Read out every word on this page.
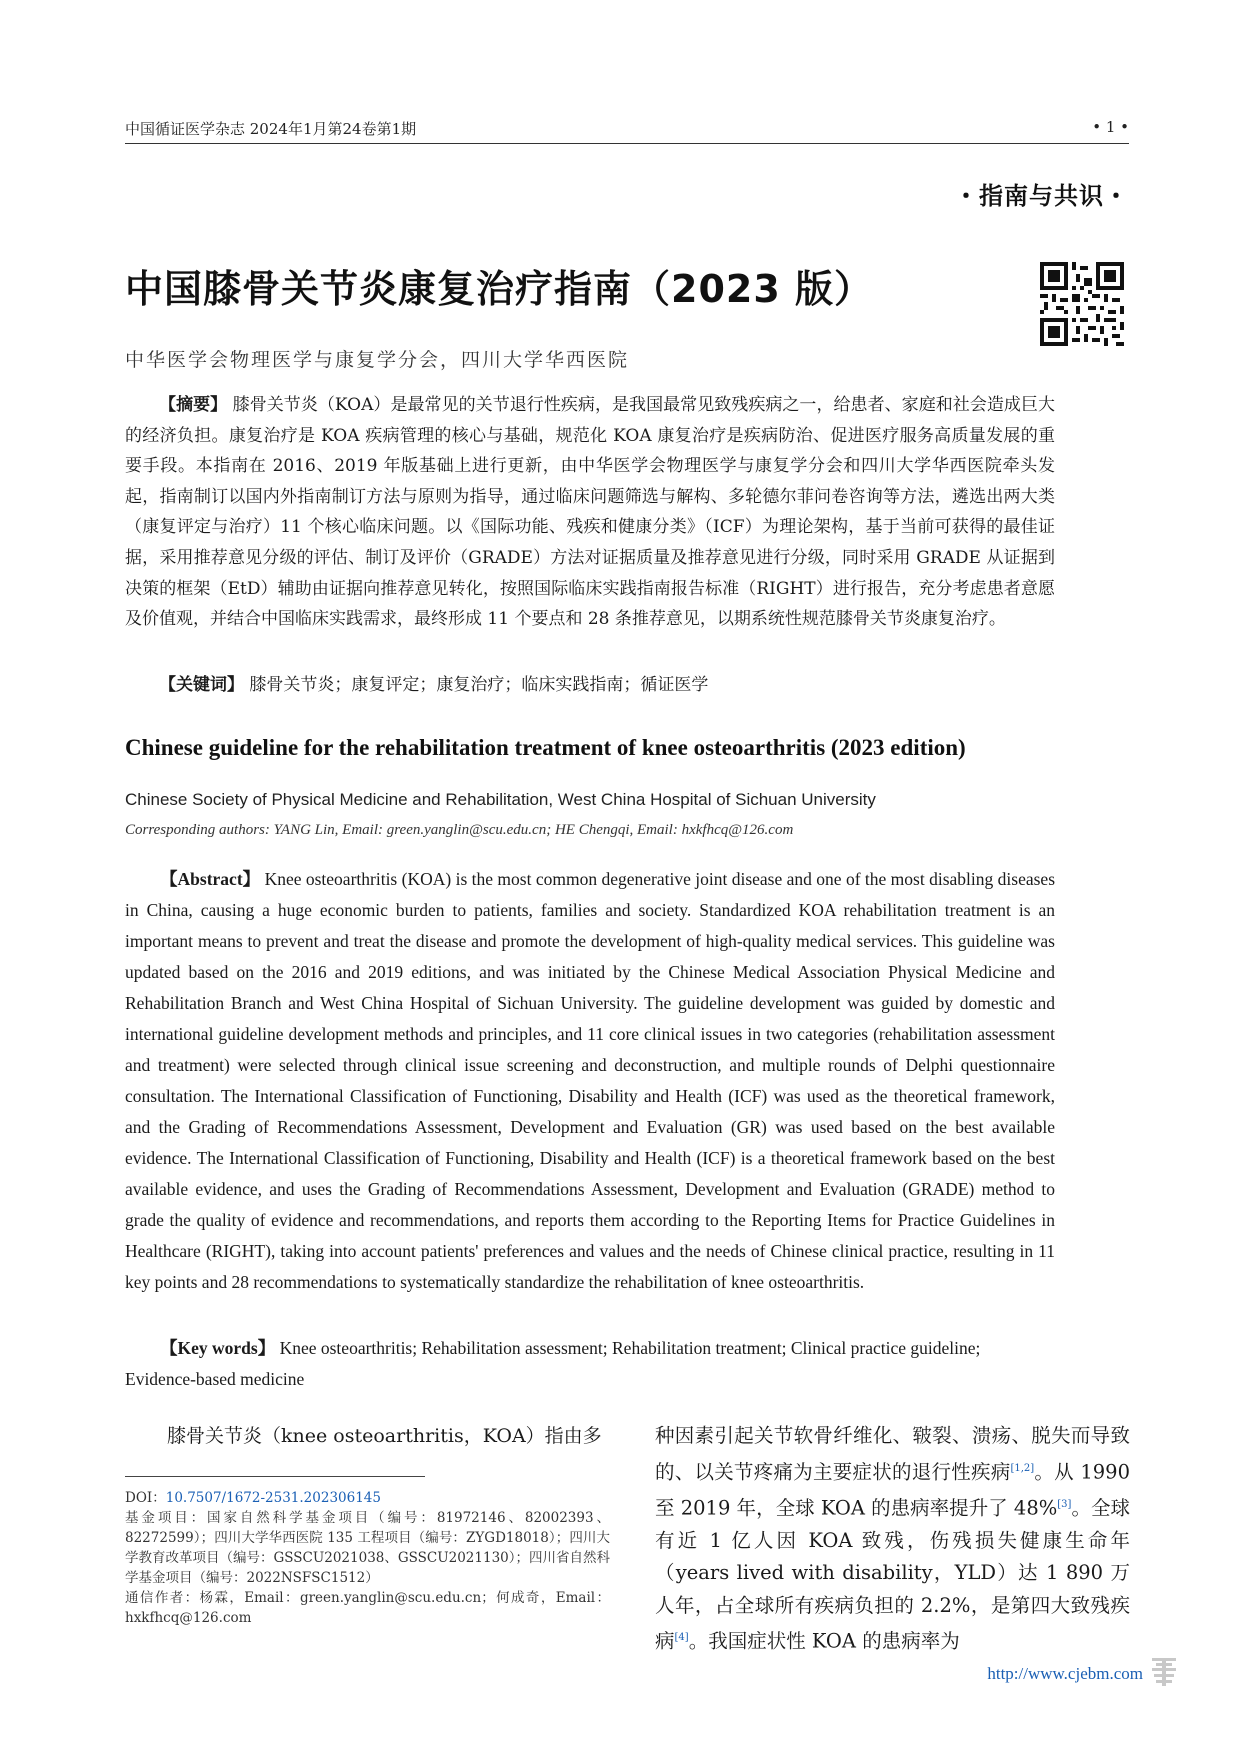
中国循证医学杂志 2024年1月第24卷第1期	• 1 •
・指南与共识・
中国膝骨关节炎康复治疗指南（2023 版）
中华医学会物理医学与康复学分会，四川大学华西医院
【摘要】 膝骨关节炎（KOA）是最常见的关节退行性疾病，是我国最常见致残疾病之一，给患者、家庭和社会造成巨大的经济负担。康复治疗是 KOA 疾病管理的核心与基础，规范化 KOA 康复治疗是疾病防治、促进医疗服务高质量发展的重要手段。本指南在 2016、2019 年版基础上进行更新，由中华医学会物理医学与康复学分会和四川大学华西医院牵头发起，指南制订以国内外指南制订方法与原则为指导，通过临床问题筛选与解构、多轮德尔菲问卷咨询等方法，遴选出两大类（康复评定与治疗）11 个核心临床问题。以《国际功能、残疾和健康分类》（ICF）为理论架构，基于当前可获得的最佳证据，采用推荐意见分级的评估、制订及评价（GRADE）方法对证据质量及推荐意见进行分级，同时采用 GRADE 从证据到决策的框架（EtD）辅助由证据向推荐意见转化，按照国际临床实践指南报告标准（RIGHT）进行报告，充分考虑患者意愿及价值观，并结合中国临床实践需求，最终形成 11 个要点和 28 条推荐意见，以期系统性规范膝骨关节炎康复治疗。
【关键词】 膝骨关节炎；康复评定；康复治疗；临床实践指南；循证医学
Chinese guideline for the rehabilitation treatment of knee osteoarthritis (2023 edition)
Chinese Society of Physical Medicine and Rehabilitation, West China Hospital of Sichuan University
Corresponding authors: YANG Lin, Email: green.yanglin@scu.edu.cn; HE Chengqi, Email: hxkfhcq@126.com
【Abstract】 Knee osteoarthritis (KOA) is the most common degenerative joint disease and one of the most disabling diseases in China, causing a huge economic burden to patients, families and society. Standardized KOA rehabilitation treatment is an important means to prevent and treat the disease and promote the development of high-quality medical services. This guideline was updated based on the 2016 and 2019 editions, and was initiated by the Chinese Medical Association Physical Medicine and Rehabilitation Branch and West China Hospital of Sichuan University. The guideline development was guided by domestic and international guideline development methods and principles, and 11 core clinical issues in two categories (rehabilitation assessment and treatment) were selected through clinical issue screening and deconstruction, and multiple rounds of Delphi questionnaire consultation. The International Classification of Functioning, Disability and Health (ICF) was used as the theoretical framework, and the Grading of Recommendations Assessment, Development and Evaluation (GR) was used based on the best available evidence. The International Classification of Functioning, Disability and Health (ICF) is a theoretical framework based on the best available evidence, and uses the Grading of Recommendations Assessment, Development and Evaluation (GRADE) method to grade the quality of evidence and recommendations, and reports them according to the Reporting Items for Practice Guidelines in Healthcare (RIGHT), taking into account patients' preferences and values and the needs of Chinese clinical practice, resulting in 11 key points and 28 recommendations to systematically standardize the rehabilitation of knee osteoarthritis.
【Key words】 Knee osteoarthritis; Rehabilitation assessment; Rehabilitation treatment; Clinical practice guideline; Evidence-based medicine
膝骨关节炎（knee osteoarthritis，KOA）指由多

DOI：10.7507/1672-2531.202306145

基金项目：国家自然科学基金项目（编号：81972146、82002393、82272599）；四川大学华西医院 135 工程项目（编号：ZYGD18018）；四川大学教育改革项目（编号：GSSCU2021038、GSSCU2021130）；四川省自然科学基金项目（编号：2022NSFSC1512）

通信作者：杨霖，Email：green.yanglin@scu.edu.cn；何成奇，Email：hxkfhcq@126.com

种因素引起关节软骨纤维化、皲裂、溃疡、脱失而导致的、以关节疼痛为主要症状的退行性疾病[1,2]。从 1990 至 2019 年，全球 KOA 的患病率提升了 48%[3]。全球有近 1 亿人因 KOA 致残，伤残损失健康生命年（years lived with disability，YLD）达 1 890 万人年，占全球所有疾病负担的 2.2%，是第四大致残疾病[4]。我国症状性 KOA 的患病率为
http://www.cjebm.com
